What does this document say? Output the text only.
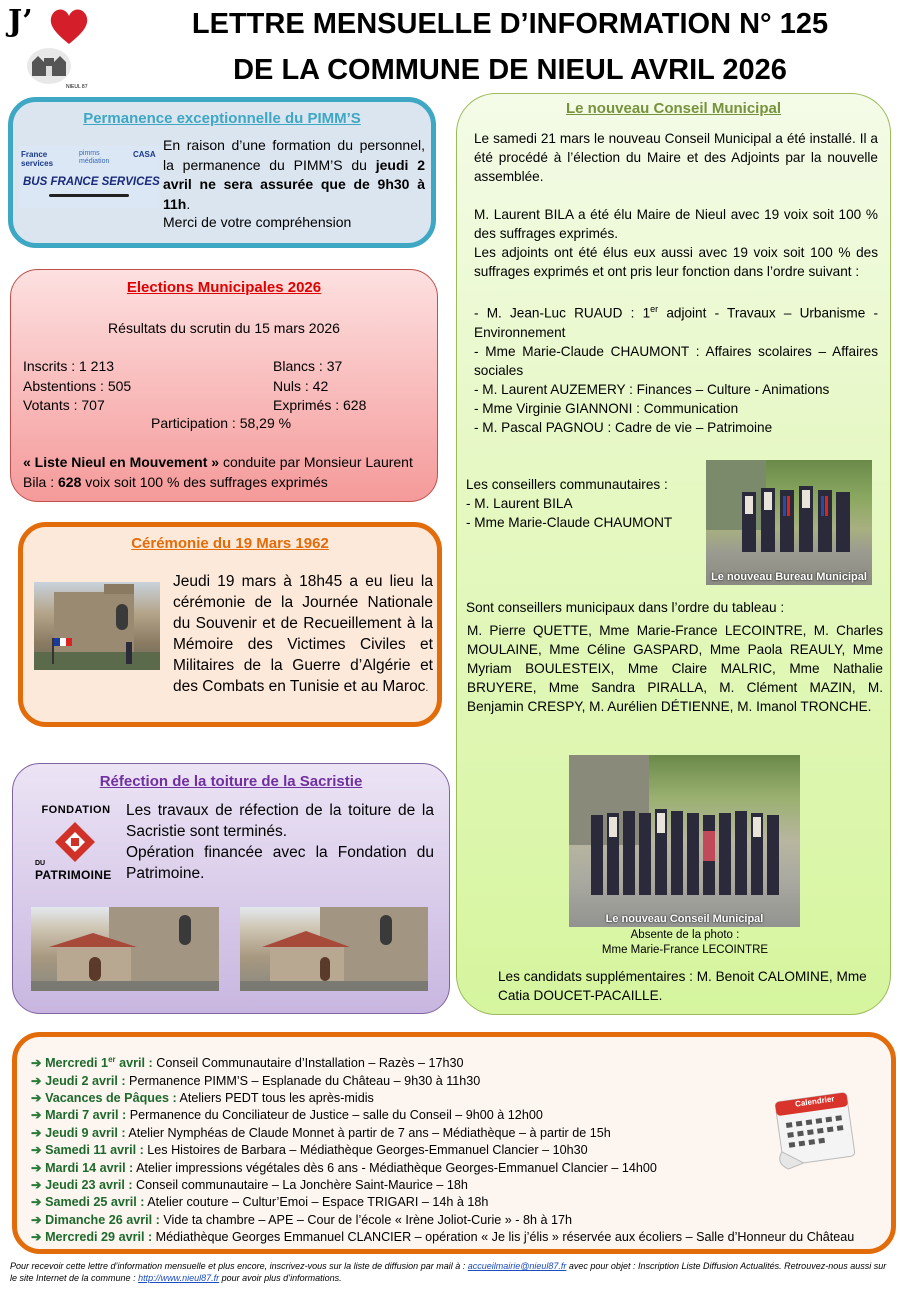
J’
NIEUL 87
LETTRE MENSUELLE D’INFORMATION N° 125
DE LA COMMUNE DE NIEUL AVRIL 2026
Permanence exceptionnelle du PIMM’S
France services
pimms médiation
CASA
BUS FRANCE SERVICES
En raison d’une formation du personnel, la permanence du PIMM’S du jeudi 2 avril ne sera assurée que de 9h30 à 11h.
Merci de votre compréhension
Elections Municipales 2026
Résultats du scrutin du 15 mars 2026
Inscrits : 1 213
Abstentions : 505
Votants : 707
Blancs : 37
Nuls : 42
Exprimés : 628
Participation : 58,29 %
« Liste Nieul en Mouvement » conduite par Monsieur Laurent Bila : 628 voix soit 100 % des suffrages exprimés
Cérémonie du 19 Mars 1962
Jeudi 19 mars à 18h45 a eu lieu la cérémonie de la Journée Nationale du Souvenir et de Recueillement à la Mémoire des Victimes Civiles et Militaires de la Guerre d’Algérie et des Combats en Tunisie et au Maroc.
Réfection de la toiture de la Sacristie
FONDATION
DU
PATRIMOINE
Les travaux de réfection de la toiture de la Sacristie sont terminés.
Opération financée avec la Fondation du Patrimoine.
Le nouveau Conseil Municipal
Le samedi 21 mars le nouveau Conseil Municipal a été installé. Il a été procédé à l’élection du Maire et des Adjoints par la nouvelle assemblée.
M. Laurent BILA a été élu Maire de Nieul avec 19 voix soit 100 % des suffrages exprimés.
Les adjoints ont été élus eux aussi avec 19 voix soit 100 % des suffrages exprimés et ont pris leur fonction dans l’ordre suivant :
- M. Jean-Luc RUAUD : 1er adjoint - Travaux – Urbanisme - Environnement
- Mme Marie-Claude CHAUMONT : Affaires scolaires – Affaires sociales
- M. Laurent AUZEMERY : Finances – Culture - Animations
- Mme Virginie GIANNONI : Communication
- M. Pascal PAGNOU : Cadre de vie – Patrimoine
Les conseillers communautaires :
- M. Laurent BILA
- Mme Marie-Claude CHAUMONT
Le nouveau Bureau Municipal
Sont conseillers municipaux dans l’ordre du tableau :
M. Pierre QUETTE, Mme Marie-France LECOINTRE, M. Charles MOULAINE, Mme Céline GASPARD, Mme Paola REAULY, Mme Myriam BOULESTEIX, Mme Claire MALRIC, Mme Nathalie BRUYERE, Mme Sandra PIRALLA, M. Clément MAZIN, M. Benjamin CRESPY, M. Aurélien DÉTIENNE, M. Imanol TRONCHE.
Le nouveau Conseil Municipal
Absente de la photo :
Mme Marie-France LECOINTRE
Les candidats supplémentaires : M. Benoit CALOMINE, Mme Catia DOUCET-PACAILLE.
➔ Mercredi 1er avril : Conseil Communautaire d’Installation – Razès – 17h30
➔ Jeudi 2 avril : Permanence PIMM’S – Esplanade du Château – 9h30 à 11h30
➔ Vacances de Pâques : Ateliers PEDT tous les après-midis
➔ Mardi 7 avril : Permanence du Conciliateur de Justice – salle du Conseil – 9h00 à 12h00
➔ Jeudi 9 avril : Atelier Nymphéas de Claude Monnet à partir de 7 ans – Médiathèque – à partir de 15h
➔ Samedi 11 avril : Les Histoires de Barbara – Médiathèque Georges-Emmanuel Clancier – 10h30
➔ Mardi 14 avril : Atelier impressions végétales dès 6 ans - Médiathèque Georges-Emmanuel Clancier – 14h00
➔ Jeudi 23 avril : Conseil communautaire – La Jonchère Saint-Maurice – 18h
➔ Samedi 25 avril : Atelier couture – Cultur’Emoi – Espace TRIGARI – 14h à 18h
➔ Dimanche 26 avril : Vide ta chambre – APE – Cour de l’école « Irène Joliot-Curie » - 8h à 17h
➔ Mercredi 29 avril : Médiathèque Georges Emmanuel CLANCIER – opération « Je lis j’élis » réservée aux écoliers – Salle d’Honneur du Château
Calendrier
Pour recevoir cette lettre d’information mensuelle et plus encore, inscrivez-vous sur la liste de diffusion par mail à : accueilmairie@nieul87.fr avec pour objet : Inscription Liste Diffusion Actualités. Retrouvez-nous aussi sur le site Internet de la commune : http://www.nieul87.fr pour avoir plus d’informations.
